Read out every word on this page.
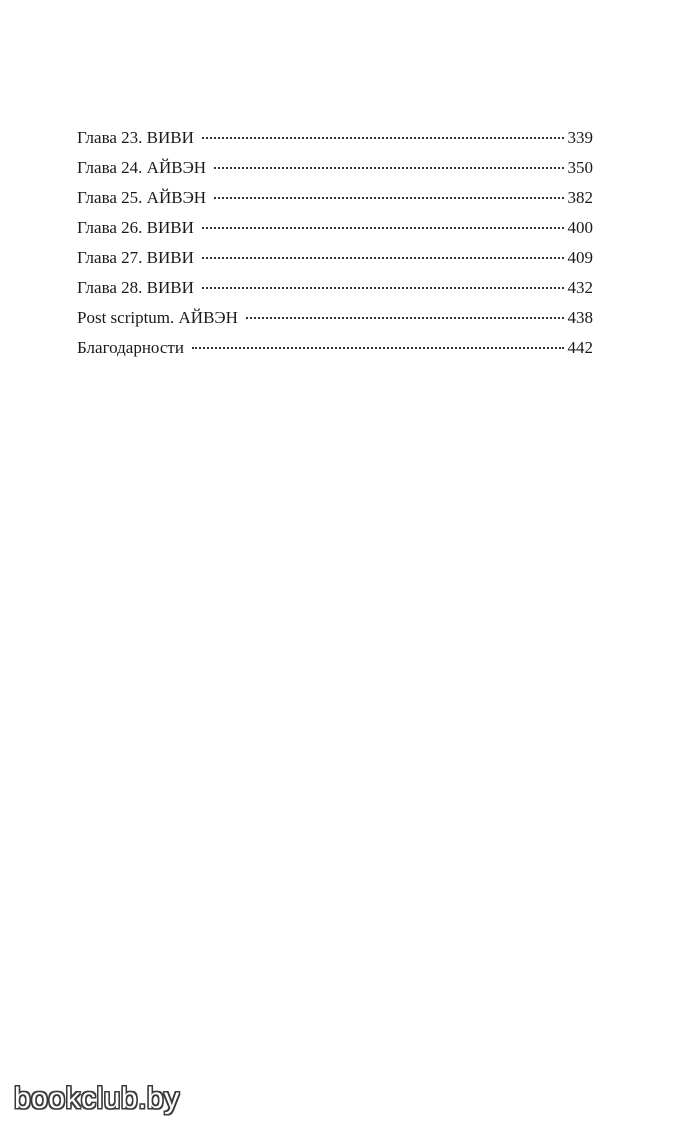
Глава 23. ВИВИ	339
Глава 24. АЙВЭН	350
Глава 25. АЙВЭН	382
Глава 26. ВИВИ	400
Глава 27. ВИВИ	409
Глава 28. ВИВИ	432
Post scriptum. АЙВЭН	438
Благодарности	442
bookclub.by
